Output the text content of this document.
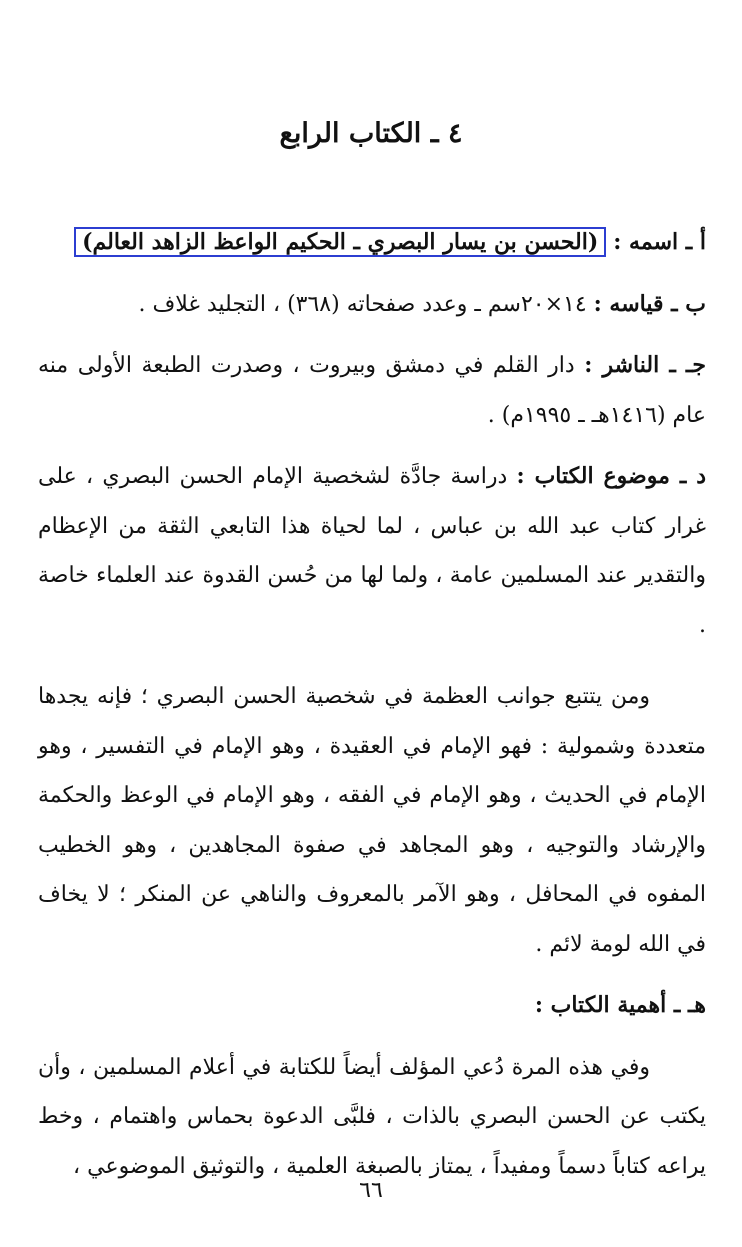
٤ ـ الكتاب الرابع

أ ـ اسمه : (الحسن بن يسار البصري ـ الحكيم الواعظ الزاهد العالم)

ب ـ قياسه : ١٤×٢٠سم ـ وعدد صفحاته (٣٦٨) ، التجليد غلاف .

جـ ـ الناشر : دار القلم في دمشق وبيروت ، وصدرت الطبعة الأولى منه عام (١٤١٦هـ ـ ١٩٩٥م) .

د ـ موضوع الكتاب : دراسة جادَّة لشخصية الإمام الحسن البصري ، على غرار كتاب عبد الله بن عباس ، لما لحياة هذا التابعي الثقة من الإعظام والتقدير عند المسلمين عامة ، ولما لها من حُسن القدوة عند العلماء خاصة .

ومن يتتبع جوانب العظمة في شخصية الحسن البصري ؛ فإنه يجدها متعددة وشمولية : فهو الإمام في العقيدة ، وهو الإمام في التفسير ، وهو الإمام في الحديث ، وهو الإمام في الفقه ، وهو الإمام في الوعظ والحكمة والإرشاد والتوجيه ، وهو المجاهد في صفوة المجاهدين ، وهو الخطيب المفوه في المحافل ، وهو الآمر بالمعروف والناهي عن المنكر ؛ لا يخاف في الله لومة لائم .

هـ ـ أهمية الكتاب :

وفي هذه المرة دُعي المؤلف أيضاً للكتابة في أعلام المسلمين ، وأن يكتب عن الحسن البصري بالذات ، فلبَّى الدعوة بحماس واهتمام ، وخط يراعه كتاباً دسماً ومفيداً ، يمتاز بالصبغة العلمية ، والتوثيق الموضوعي ،

٦٦
